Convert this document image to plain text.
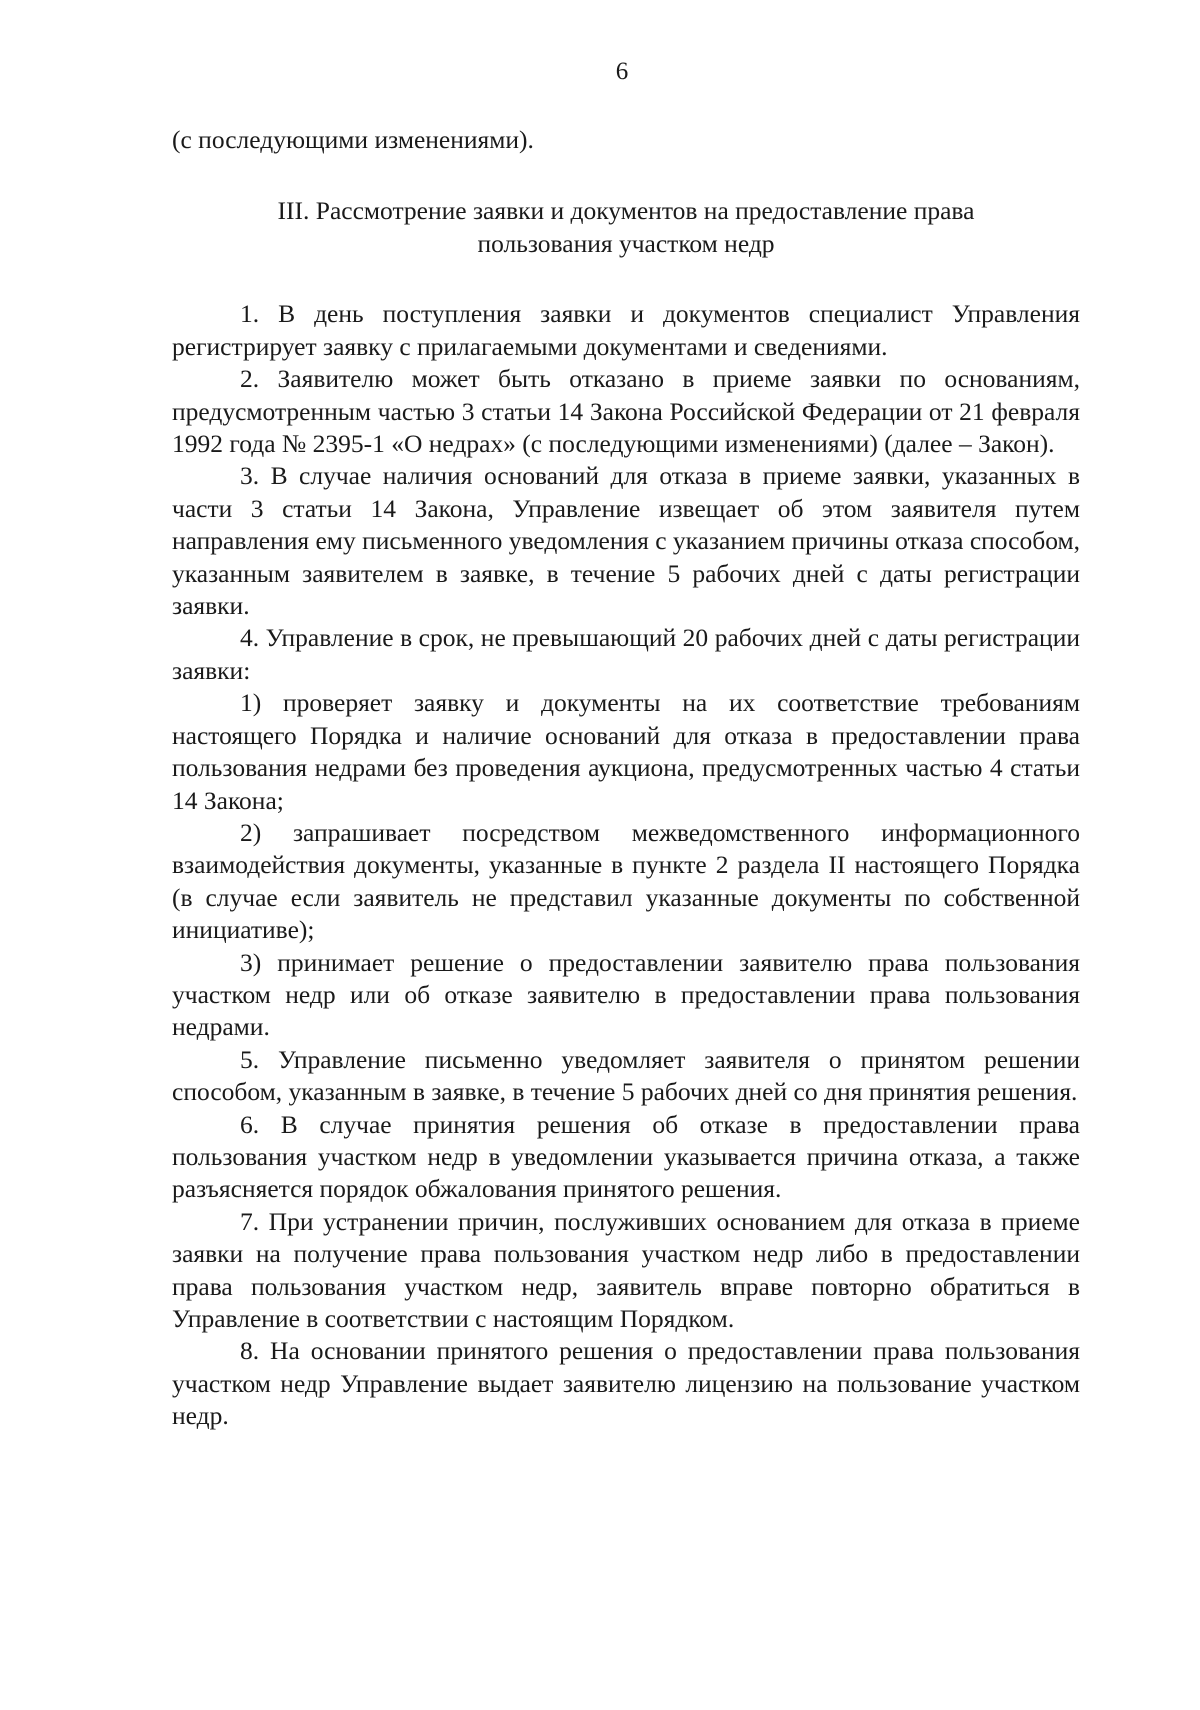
6

(с последующими изменениями).

III. Рассмотрение заявки и документов на предоставление права
пользования участком недр

1. В день поступления заявки и документов специалист Управления регистрирует заявку с прилагаемыми документами и сведениями.

2. Заявителю может быть отказано в приеме заявки по основаниям, предусмотренным частью 3 статьи 14 Закона Российской Федерации от 21 февраля 1992 года № 2395-1 «О недрах» (с последующими изменениями) (далее – Закон).

3. В случае наличия оснований для отказа в приеме заявки, указанных в части 3 статьи 14 Закона, Управление извещает об этом заявителя путем направления ему письменного уведомления с указанием причины отказа способом, указанным заявителем в заявке, в течение 5 рабочих дней с даты регистрации заявки.

4. Управление в срок, не превышающий 20 рабочих дней с даты регистрации заявки:

1) проверяет заявку и документы на их соответствие требованиям настоящего Порядка и наличие оснований для отказа в предоставлении права пользования недрами без проведения аукциона, предусмотренных частью 4 статьи 14 Закона;

2) запрашивает посредством межведомственного информационного взаимодействия документы, указанные в пункте 2 раздела II настоящего Порядка (в случае если заявитель не представил указанные документы по собственной инициативе);

3) принимает решение о предоставлении заявителю права пользования участком недр или об отказе заявителю в предоставлении права пользования недрами.

5. Управление письменно уведомляет заявителя о принятом решении способом, указанным в заявке, в течение 5 рабочих дней со дня принятия решения.

6. В случае принятия решения об отказе в предоставлении права пользования участком недр в уведомлении указывается причина отказа, а также разъясняется порядок обжалования принятого решения.

7. При устранении причин, послуживших основанием для отказа в приеме заявки на получение права пользования участком недр либо в предоставлении права пользования участком недр, заявитель вправе повторно обратиться в Управление в соответствии с настоящим Порядком.

8. На основании принятого решения о предоставлении права пользования участком недр Управление выдает заявителю лицензию на пользование участком недр.
